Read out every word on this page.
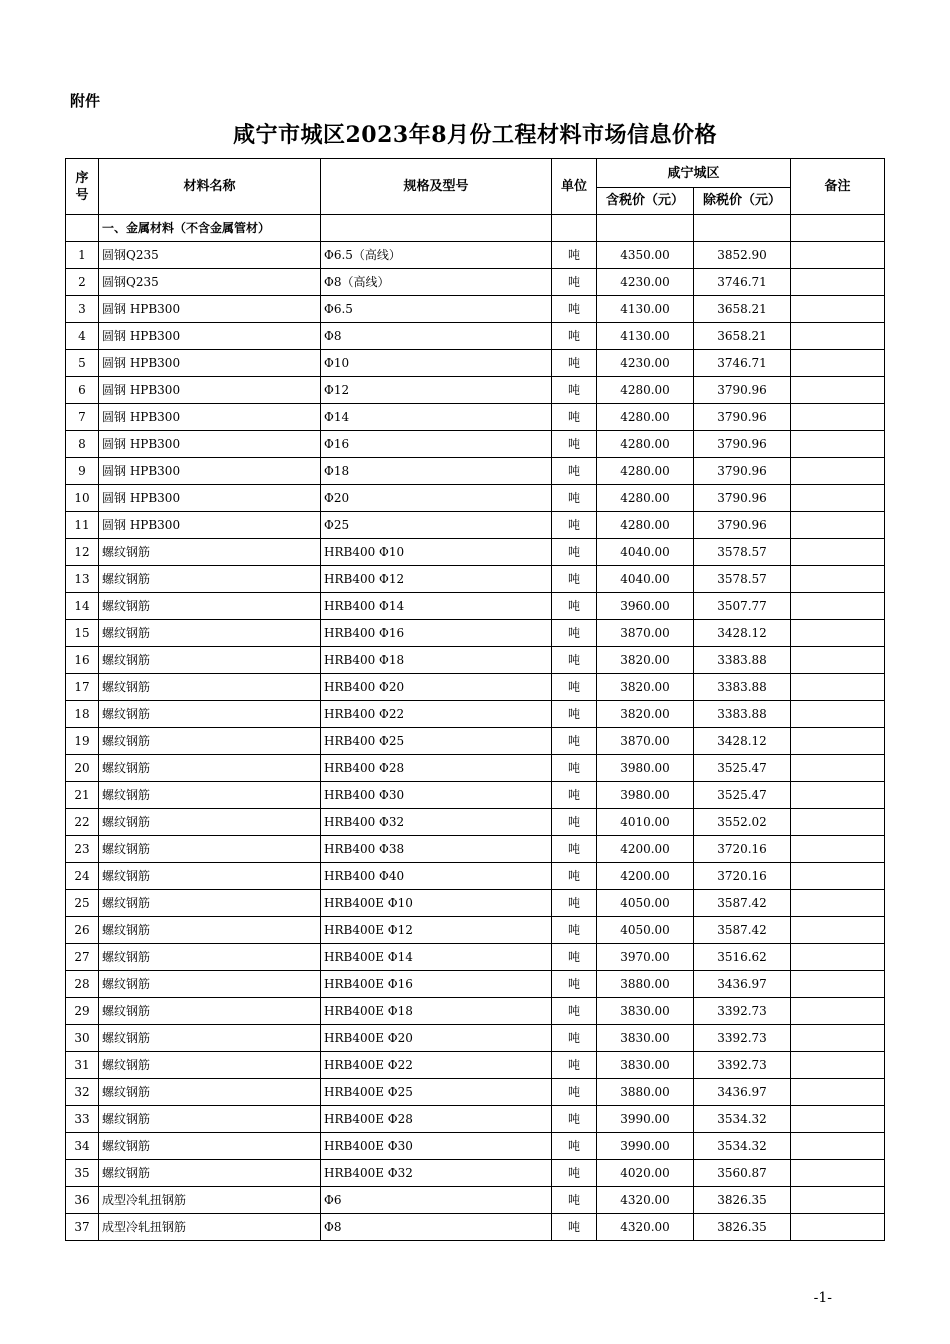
附件
咸宁市城区2023年8月份工程材料市场信息价格
序
号	材料名称	规格及型号	单位	咸宁城区		备注
				含税价（元）	除税价（元）	
	一、金属材料（不含金属管材）					
1	圆钢Q235	Φ6.5（高线）	吨	4350.00	3852.90	
2	圆钢Q235	Φ8（高线）	吨	4230.00	3746.71	
3	圆钢 HPB300	Φ6.5	吨	4130.00	3658.21	
4	圆钢 HPB300	Φ8	吨	4130.00	3658.21	
5	圆钢 HPB300	Φ10	吨	4230.00	3746.71	
6	圆钢 HPB300	Φ12	吨	4280.00	3790.96	
7	圆钢 HPB300	Φ14	吨	4280.00	3790.96	
8	圆钢 HPB300	Φ16	吨	4280.00	3790.96	
9	圆钢 HPB300	Φ18	吨	4280.00	3790.96	
10	圆钢 HPB300	Φ20	吨	4280.00	3790.96	
11	圆钢 HPB300	Φ25	吨	4280.00	3790.96	
12	螺纹钢筋	HRB400 Φ10	吨	4040.00	3578.57	
13	螺纹钢筋	HRB400 Φ12	吨	4040.00	3578.57	
14	螺纹钢筋	HRB400 Φ14	吨	3960.00	3507.77	
15	螺纹钢筋	HRB400 Φ16	吨	3870.00	3428.12	
16	螺纹钢筋	HRB400 Φ18	吨	3820.00	3383.88	
17	螺纹钢筋	HRB400 Φ20	吨	3820.00	3383.88	
18	螺纹钢筋	HRB400 Φ22	吨	3820.00	3383.88	
19	螺纹钢筋	HRB400 Φ25	吨	3870.00	3428.12	
20	螺纹钢筋	HRB400 Φ28	吨	3980.00	3525.47	
21	螺纹钢筋	HRB400 Φ30	吨	3980.00	3525.47	
22	螺纹钢筋	HRB400 Φ32	吨	4010.00	3552.02	
23	螺纹钢筋	HRB400 Φ38	吨	4200.00	3720.16	
24	螺纹钢筋	HRB400 Φ40	吨	4200.00	3720.16	
25	螺纹钢筋	HRB400E Φ10	吨	4050.00	3587.42	
26	螺纹钢筋	HRB400E Φ12	吨	4050.00	3587.42	
27	螺纹钢筋	HRB400E Φ14	吨	3970.00	3516.62	
28	螺纹钢筋	HRB400E Φ16	吨	3880.00	3436.97	
29	螺纹钢筋	HRB400E Φ18	吨	3830.00	3392.73	
30	螺纹钢筋	HRB400E Φ20	吨	3830.00	3392.73	
31	螺纹钢筋	HRB400E Φ22	吨	3830.00	3392.73	
32	螺纹钢筋	HRB400E Φ25	吨	3880.00	3436.97	
33	螺纹钢筋	HRB400E Φ28	吨	3990.00	3534.32	
34	螺纹钢筋	HRB400E Φ30	吨	3990.00	3534.32	
35	螺纹钢筋	HRB400E Φ32	吨	4020.00	3560.87	
36	成型冷轧扭钢筋	Φ6	吨	4320.00	3826.35	
37	成型冷轧扭钢筋	Φ8	吨	4320.00	3826.35	
-1-
